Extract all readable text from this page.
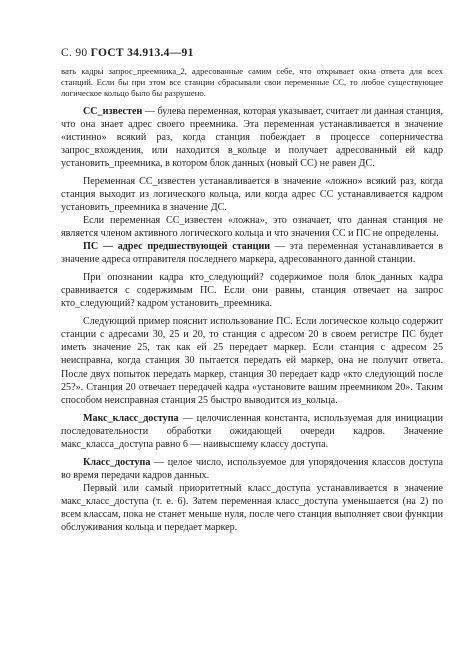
С. 90 ГОСТ 34.913.4—91

вать кадры запрос_преемника_2, адресованные самим себе, что открывает окна ответа для всех станций. Если бы при этом все станции сбрасывали свои переменные СС, то любое существующее логическое кольцо было бы разрушено.

СС_известен — булева переменная, которая указывает, считает ли данная станция, что она знает адрес своего преемника. Эта переменная устанавливается в значение «истинно» всякий раз, когда станция побеждает в процессе соперничества запрос_вхождения, или находится в_кольце и получает адресованный ей кадр установить_преемника, в котором блок данных (новый СС) не равен ДС.

Переменная СС_известен устанавливается в значение «ложно» всякий раз, когда станция выходит из логического кольца, или когда адрес СС устанавливается кадром установить_преемника в значение ДС.

Если переменная СС_известен «ложна», это означает, что данная станция не является членом активного логического кольца и что значения СС и ПС не определены.

ПС — адрес предшествующей станции — эта переменная устанавливается в значение адреса отправителя последнего маркера, адресованного данной станции.

При опознании кадра кто_следующий? содержимое поля блок_данных кадра сравнивается с содержимым ПС. Если они равны, станция отвечает на запрос кто_следующий? кадром установить_преемника.

Следующий пример пояснит использование ПС. Если логическое кольцо содержит станции с адресами 30, 25 и 20, то станция с адресом 20 в своем регистре ПС будет иметь значение 25, так как ей 25 передает маркер. Если станция с адресом 25 неисправна, когда станция 30 пытается передать ей маркер, она не получит ответа. После двух попыток передать маркер, станция 30 передает кадр «кто следующий после 25?». Станция 20 отвечает передачей кадра «установите вашим преемником 20». Таким способом неисправная станция 25 быстро выводится из_кольца.

Макс_класс_доступа — целочисленная константа, используемая для инициации последовательности обработки ожидающей очереди кадров. Значение макс_класса_доступа равно 6 — наивысшему классу доступа.

Класс_доступа — целое число, используемое для упорядочения классов доступа во время передачи кадров данных.

Первый или самый приоритетный класс_доступа устанавливается в значение макс_класс_доступа (т. е. 6). Затем переменная класс_доступа уменьшается (на 2) по всем классам, пока не станет меньше нуля, после чего станция выполняет свои функции обслуживания кольца и передает маркер.
